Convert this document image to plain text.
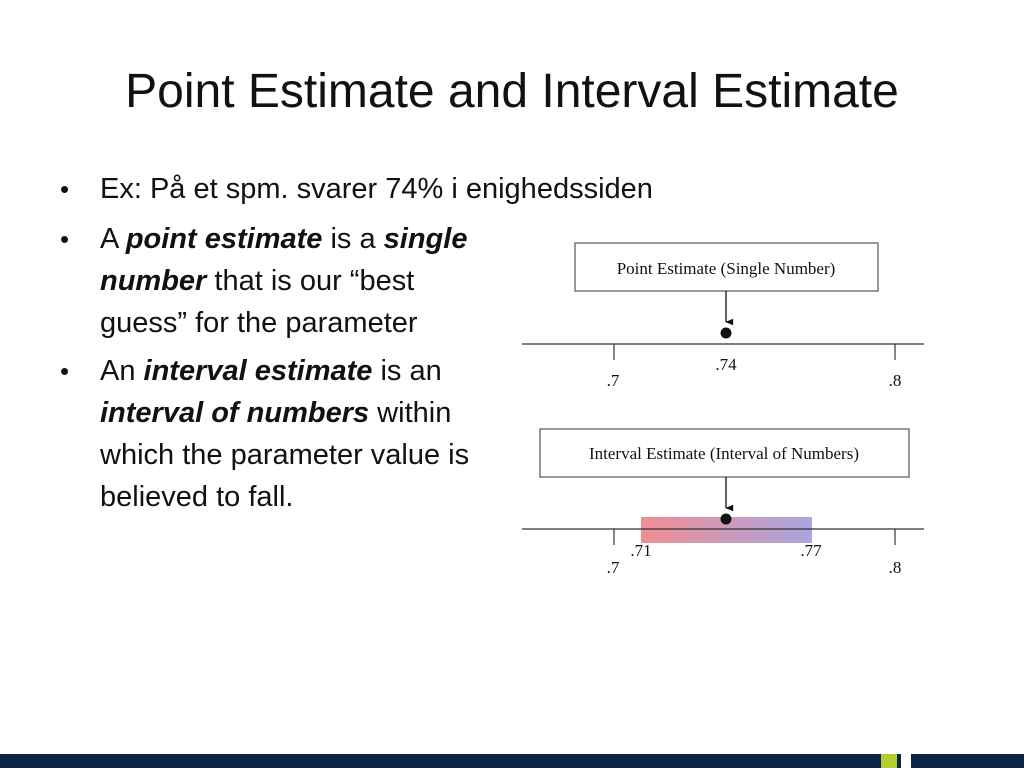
Point Estimate and Interval Estimate
• Ex: På et spm. svarer 74% i enighedssiden
• A point estimate is a single number that is our “best guess” for the parameter
• An interval estimate is an interval of numbers within which the parameter value is believed to fall.
Point Estimate (Single Number)
.7
.74
.8
Interval Estimate (Interval of Numbers)
.7
.71	.77
.8
